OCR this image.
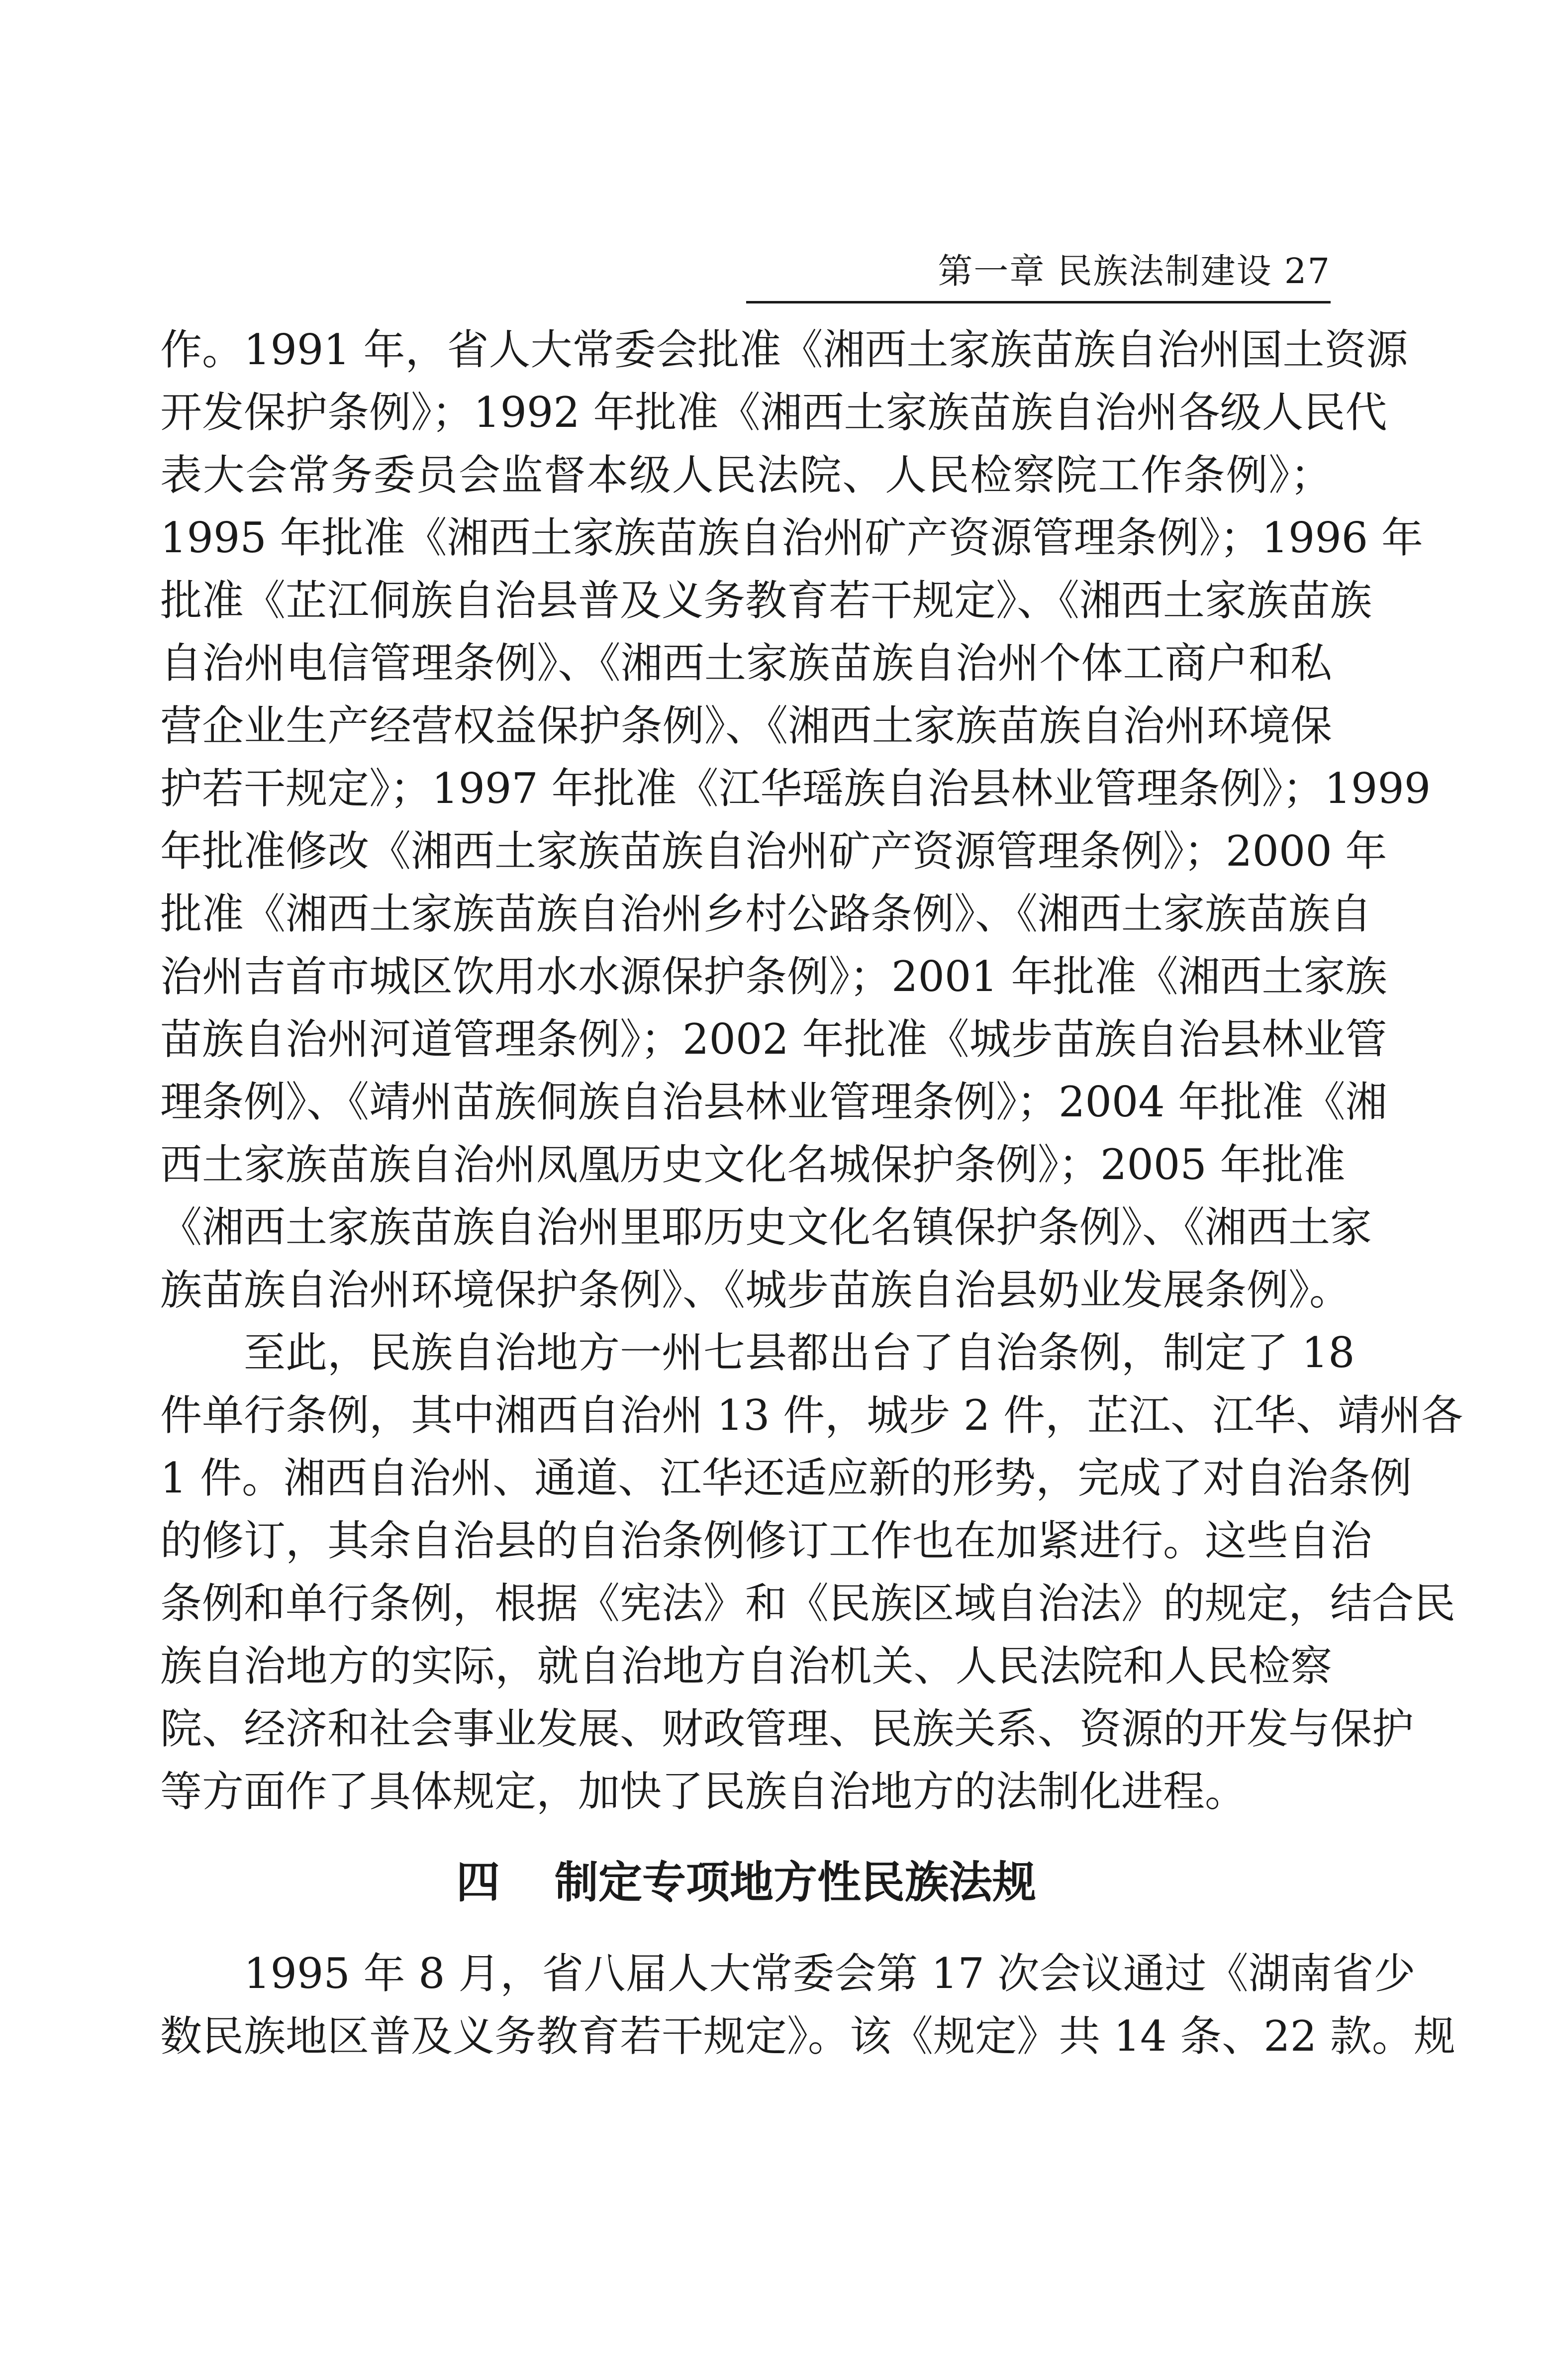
第一章 民族法制建设 27
作。1991 年，省人大常委会批准《湘西土家族苗族自治州国土资源
开发保护条例》；1992 年批准《湘西土家族苗族自治州各级人民代
表大会常务委员会监督本级人民法院、人民检察院工作条例》；
1995 年批准《湘西土家族苗族自治州矿产资源管理条例》；1996 年
批准《芷江侗族自治县普及义务教育若干规定》、《湘西土家族苗族
自治州电信管理条例》、《湘西土家族苗族自治州个体工商户和私
营企业生产经营权益保护条例》、《湘西土家族苗族自治州环境保
护若干规定》；1997 年批准《江华瑶族自治县林业管理条例》；1999
年批准修改《湘西土家族苗族自治州矿产资源管理条例》；2000 年
批准《湘西土家族苗族自治州乡村公路条例》、《湘西土家族苗族自
治州吉首市城区饮用水水源保护条例》；2001 年批准《湘西土家族
苗族自治州河道管理条例》；2002 年批准《城步苗族自治县林业管
理条例》、《靖州苗族侗族自治县林业管理条例》；2004 年批准《湘
西土家族苗族自治州凤凰历史文化名城保护条例》；2005 年批准
《湘西土家族苗族自治州里耶历史文化名镇保护条例》、《湘西土家
族苗族自治州环境保护条例》、《城步苗族自治县奶业发展条例》。
　　至此，民族自治地方一州七县都出台了自治条例，制定了 18
件单行条例，其中湘西自治州 13 件，城步 2 件，芷江、江华、靖州各
1 件。湘西自治州、通道、江华还适应新的形势，完成了对自治条例
的修订，其余自治县的自治条例修订工作也在加紧进行。这些自治
条例和单行条例，根据《宪法》和《民族区域自治法》的规定，结合民
族自治地方的实际，就自治地方自治机关、人民法院和人民检察
院、经济和社会事业发展、财政管理、民族关系、资源的开发与保护
等方面作了具体规定，加快了民族自治地方的法制化进程。
四 制定专项地方性民族法规
　　1995 年 8 月，省八届人大常委会第 17 次会议通过《湖南省少
数民族地区普及义务教育若干规定》。该《规定》共 14 条、22 款。规
